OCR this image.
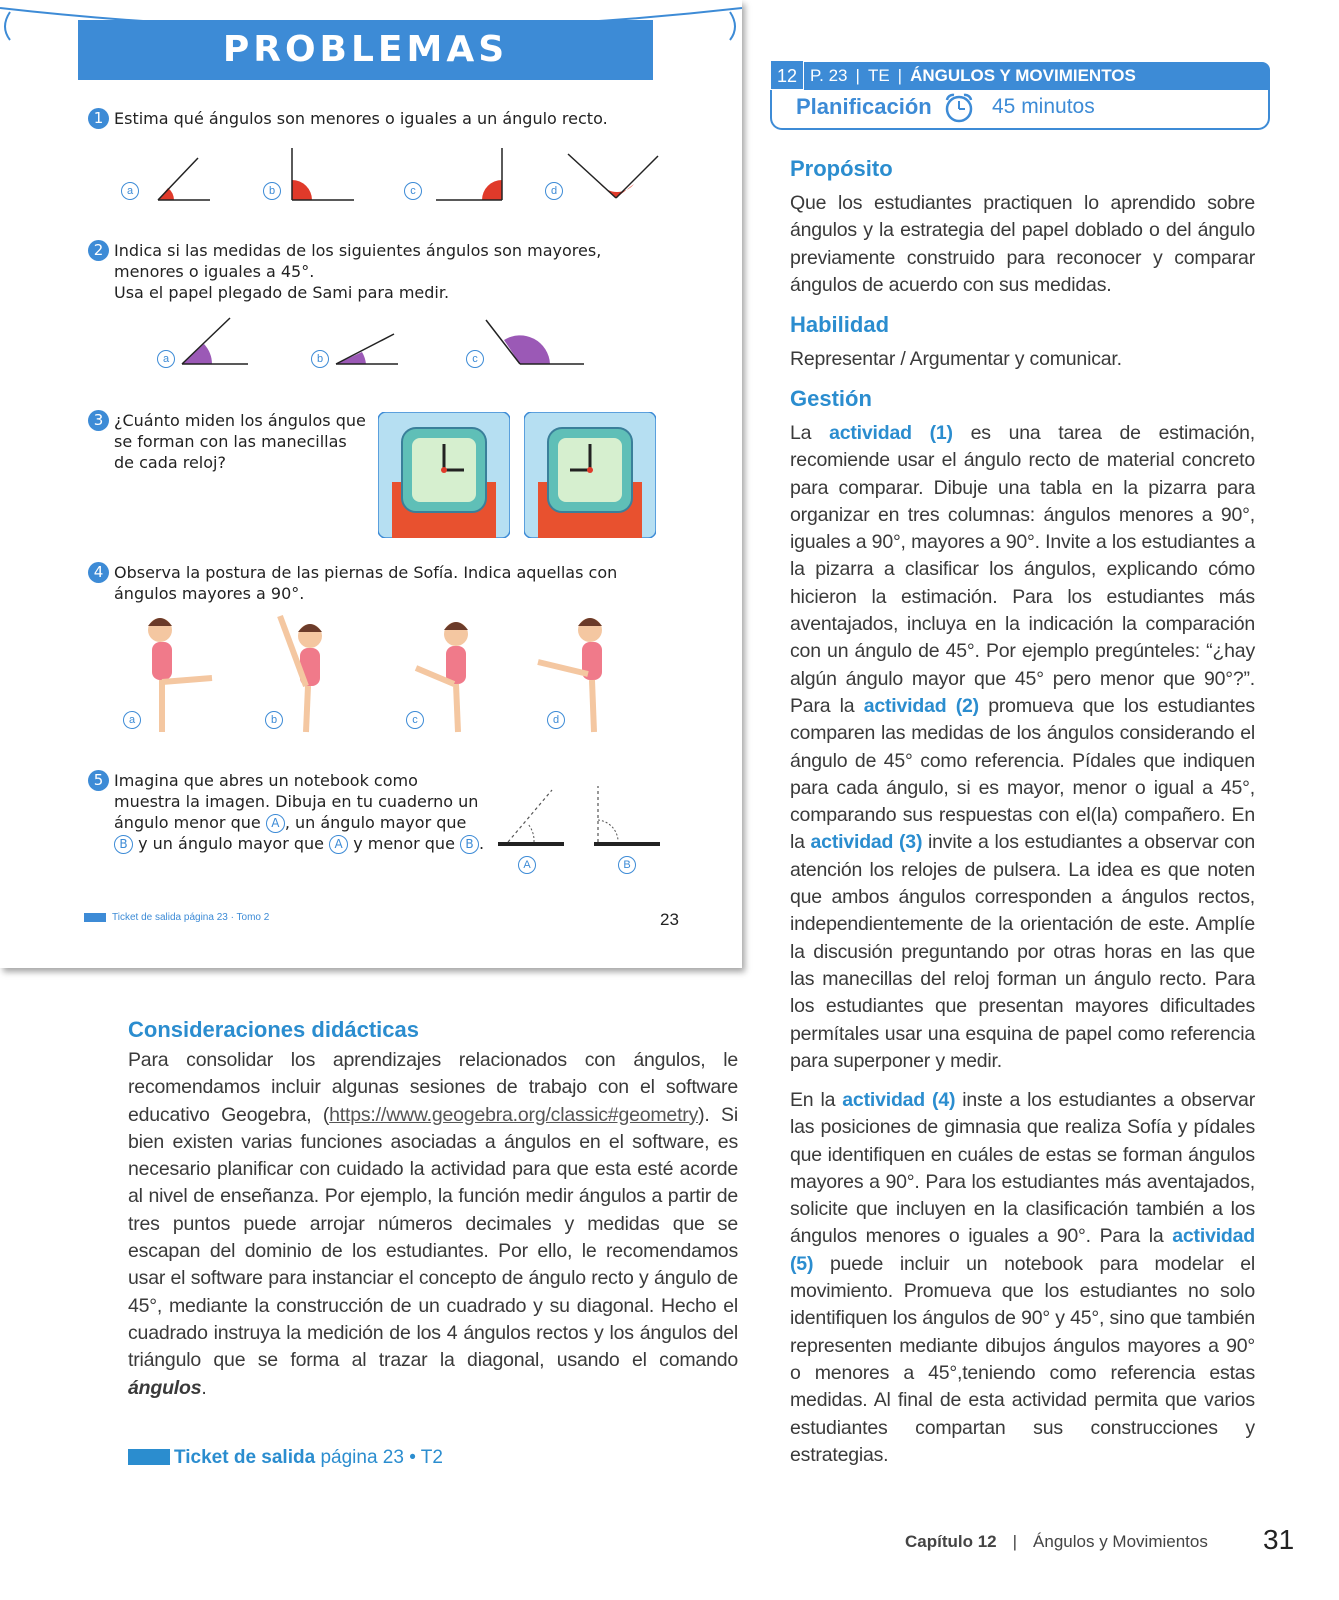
PROBLEMAS
1 Estima qué ángulos son menores o iguales a un ángulo recto.
a	b	c	d
2 Indica si las medidas de los siguientes ángulos son mayores,
menores o iguales a 45°.
Usa el papel plegado de Sami para medir.
a	b	c
3 ¿Cuánto miden los ángulos que
se forman con las manecillas
de cada reloj?
4 Observa la postura de las piernas de Sofía. Indica aquellas con
ángulos mayores a 90°.
a	b	c	d
5 Imagina que abres un notebook como
muestra la imagen. Dibuja en tu cuaderno un
ángulo menor que A , un ángulo mayor que
B y un ángulo mayor que A y menor que B .
A	B
Ticket de salida página 23 · Tomo 2	23
12 P. 23 | TE | ÁNGULOS Y MOVIMIENTOS
Planificación	45 minutos
Propósito
Que los estudiantes practiquen lo aprendido sobre ángulos y la estrategia del papel doblado o del ángulo previamente construido para reconocer y comparar ángulos de acuerdo con sus medidas.
Habilidad
Representar / Argumentar y comunicar.
Gestión
La actividad (1) es una tarea de estimación, recomiende usar el ángulo recto de material concreto para comparar. Dibuje una tabla en la pizarra para organizar en tres columnas: ángulos menores a 90°, iguales a 90°, mayores a 90°. Invite a los estudiantes a la pizarra a clasificar los ángulos, explicando cómo hicieron la estimación. Para los estudiantes más aventajados, incluya en la indicación la comparación con un ángulo de 45°. Por ejemplo pregúnteles: “¿hay algún ángulo mayor que 45° pero menor que 90°?”. Para la actividad (2) promueva que los estudiantes comparen las medidas de los ángulos considerando el ángulo de 45° como referencia. Pídales que indiquen para cada ángulo, si es mayor, menor o igual a 45°, comparando sus respuestas con el(la) compañero. En la actividad (3) invite a los estudiantes a observar con atención los relojes de pulsera. La idea es que noten que ambos ángulos corresponden a ángulos rectos, independientemente de la orientación de este. Amplíe la discusión preguntando por otras horas en las que las manecillas del reloj forman un ángulo recto. Para los estudiantes que presentan mayores dificultades permítales usar una esquina de papel como referencia para superponer y medir.
En la actividad (4) inste a los estudiantes a observar las posiciones de gimnasia que realiza Sofía y pídales que identifiquen en cuáles de estas se forman ángulos mayores a 90°. Para los estudiantes más aventajados, solicite que incluyen en la clasificación también a los ángulos menores o iguales a 90°. Para la actividad (5) puede incluir un notebook para modelar el movimiento. Promueva que los estudiantes no solo identifiquen los ángulos de 90° y 45°, sino que también representen mediante dibujos ángulos mayores a 90° o menores a 45°,teniendo como referencia estas medidas. Al final de esta actividad permita que varios estudiantes compartan sus construcciones y estrategias.
Consideraciones didácticas
Para consolidar los aprendizajes relacionados con ángulos, le recomendamos incluir algunas sesiones de trabajo con el software educativo Geogebra, (https://www.geogebra.org/classic#geometry). Si bien existen varias funciones asociadas a ángulos en el software, es necesario planificar con cuidado la actividad para que esta esté acorde al nivel de enseñanza. Por ejemplo, la función medir ángulos a partir de tres puntos puede arrojar números decimales y medidas que se escapan del dominio de los estudiantes. Por ello, le recomendamos usar el software para instanciar el concepto de ángulo recto y ángulo de 45°, mediante la construcción de un cuadrado y su diagonal. Hecho el cuadrado instruya la medición de los 4 ángulos rectos y los ángulos del triángulo que se forma al trazar la diagonal, usando el comando ángulos.
Ticket de salida página 23 • T2
Capítulo 12 | Ángulos y Movimientos 31
